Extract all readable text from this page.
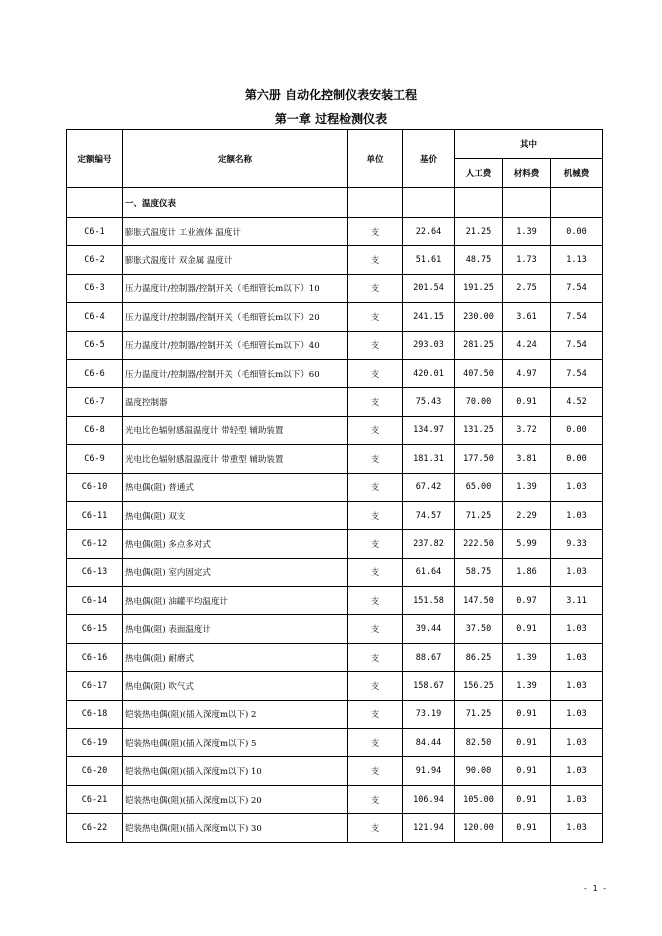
第六册 自动化控制仪表安装工程
第一章 过程检测仪表
定额编号	定额名称	单位	基价	其中		
				人工费	材料费	机械费
	一、温度仪表					
C6-1	膨胀式温度计 工业液体 温度计	支	22.64	21.25	1.39	0.00
C6-2	膨胀式温度计 双金属 温度计	支	51.61	48.75	1.73	1.13
C6-3	压力温度计/控制器/控制开关（毛细管长m以下）10	支	201.54	191.25	2.75	7.54
C6-4	压力温度计/控制器/控制开关（毛细管长m以下）20	支	241.15	230.00	3.61	7.54
C6-5	压力温度计/控制器/控制开关（毛细管长m以下）40	支	293.03	281.25	4.24	7.54
C6-6	压力温度计/控制器/控制开关（毛细管长m以下）60	支	420.01	407.50	4.97	7.54
C6-7	温度控制器	支	75.43	70.00	0.91	4.52
C6-8	光电比色辐射感温温度计 带轻型 辅助装置	支	134.97	131.25	3.72	0.00
C6-9	光电比色辐射感温温度计 带重型 辅助装置	支	181.31	177.50	3.81	0.00
C6-10	热电偶(阻) 普通式	支	67.42	65.00	1.39	1.03
C6-11	热电偶(阻) 双支	支	74.57	71.25	2.29	1.03
C6-12	热电偶(阻) 多点多对式	支	237.82	222.50	5.99	9.33
C6-13	热电偶(阻) 室内固定式	支	61.64	58.75	1.86	1.03
C6-14	热电偶(阻) 油罐平均温度计	支	151.58	147.50	0.97	3.11
C6-15	热电偶(阻) 表面温度计	支	39.44	37.50	0.91	1.03
C6-16	热电偶(阻) 耐磨式	支	88.67	86.25	1.39	1.03
C6-17	热电偶(阻) 吹气式	支	158.67	156.25	1.39	1.03
C6-18	铠装热电偶(阻)(插入深度m以下) 2	支	73.19	71.25	0.91	1.03
C6-19	铠装热电偶(阻)(插入深度m以下) 5	支	84.44	82.50	0.91	1.03
C6-20	铠装热电偶(阻)(插入深度m以下) 10	支	91.94	90.00	0.91	1.03
C6-21	铠装热电偶(阻)(插入深度m以下) 20	支	106.94	105.00	0.91	1.03
C6-22	铠装热电偶(阻)(插入深度m以下) 30	支	121.94	120.00	0.91	1.03
- 1 -
